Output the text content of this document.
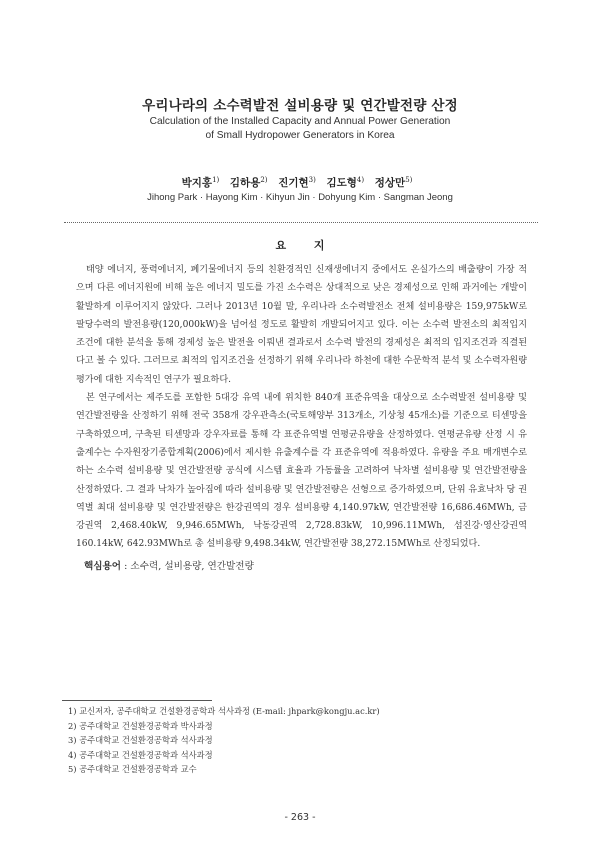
우리나라의 소수력발전 설비용량 및 연간발전량 산정
Calculation of the Installed Capacity and Annual Power Generation
of Small Hydropower Generators in Korea
박지홍$^{1)}$ 김하용$^{2)}$ 진기현$^{3)}$ 김도형$^{4)}$ 정상만$^{5)}$
Jihong Park · Hayong Kim · Kihyun Jin · Dohyung Kim · Sangman Jeong
요 지

태양 에너지, 풍력에너지, 폐기물에너지 등의 친환경적인 신재생에너지 중에서도 온실가스의 배출량이 가장 적으며 다른 에너지원에 비해 높은 에너지 밀도를 가진 소수력은 상대적으로 낮은 경제성으로 인해 과거에는 개발이 활발하게 이루어지지 않았다. 그러나 2013년 10월 말, 우리나라 소수력발전소 전체 설비용량은 159,975kW로 팔당수력의 발전용량(120,000kW)을 넘어설 정도로 활발히 개발되어지고 있다. 이는 소수력 발전소의 최적입지조건에 대한 분석을 통해 경제성 높은 발전을 이뤄낸 결과로서 소수력 발전의 경제성은 최적의 입지조건과 직결된다고 볼 수 있다. 그러므로 최적의 입지조건을 선정하기 위해 우리나라 하천에 대한 수문학적 분석 및 소수력자원량 평가에 대한 지속적인 연구가 필요하다.

본 연구에서는 제주도를 포함한 5대강 유역 내에 위치한 840개 표준유역을 대상으로 소수력발전 설비용량 및 연간발전량을 산정하기 위해 전국 358개 강우관측소(국토해양부 313개소, 기상청 45개소)를 기준으로 티센망을 구축하였으며, 구축된 티센망과 강우자료를 통해 각 표준유역별 연평균유량을 산정하였다. 연평균유량 산정 시 유출계수는 수자원장기종합계획(2006)에서 제시한 유출계수를 각 표준유역에 적용하였다. 유량을 주요 매개변수로 하는 소수력 설비용량 및 연간발전량 공식에 시스템 효율과 가동률을 고려하여 낙차별 설비용량 및 연간발전량을 산정하였다. 그 결과 낙차가 높아짐에 따라 설비용량 및 연간발전량은 선형으로 증가하였으며, 단위 유효낙차 당 권역별 최대 설비용량 및 연간발전량은 한강권역의 경우 설비용량 4,140.97kW, 연간발전량 16,686.46MWh, 금강권역 2,468.40kW, 9,946.65MWh, 낙동강권역 2,728.83kW, 10,996.11MWh, 섬진강·영산강권역 160.14kW, 642.93MWh로 총 설비용량 9,498.34kW, 연간발전량 38,272.15MWh로 산정되었다.

핵심용어 : 소수력, 설비용량, 연간발전량
1) 교신저자, 공주대학교 건설환경공학과 석사과정 (E-mail: jhpark@kongju.ac.kr)
2) 공주대학교 건설환경공학과 박사과정
3) 공주대학교 건설환경공학과 석사과정
4) 공주대학교 건설환경공학과 석사과정
5) 공주대학교 건설환경공학과 교수
- 263 -
